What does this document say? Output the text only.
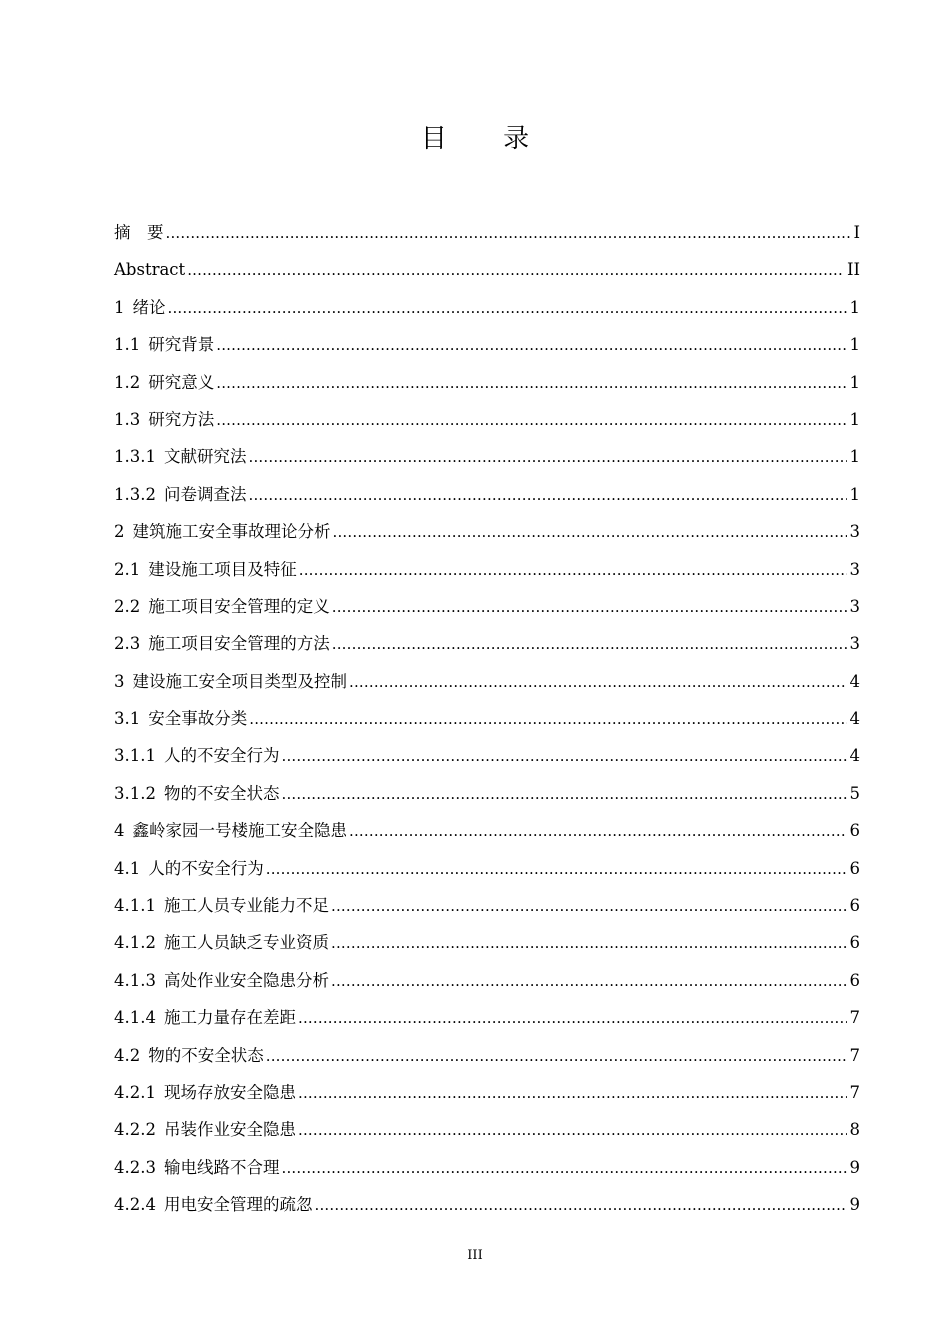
目 录
摘　要 .....	I
Abstract .....	II
1 绪论 .....	1
1.1 研究背景 .....	1
1.2 研究意义 .....	1
1.3 研究方法 .....	1
1.3.1 文献研究法 .....	1
1.3.2 问卷调查法 .....	1
2 建筑施工安全事故理论分析 .....	3
2.1 建设施工项目及特征 .....	3
2.2 施工项目安全管理的定义 .....	3
2.3 施工项目安全管理的方法 .....	3
3 建设施工安全项目类型及控制 .....	4
3.1 安全事故分类 .....	4
3.1.1 人的不安全行为 .....	4
3.1.2 物的不安全状态 .....	5
4 鑫岭家园一号楼施工安全隐患 .....	6
4.1 人的不安全行为 .....	6
4.1.1 施工人员专业能力不足 .....	6
4.1.2 施工人员缺乏专业资质 .....	6
4.1.3 高处作业安全隐患分析 .....	6
4.1.4 施工力量存在差距 .....	7
4.2 物的不安全状态 .....	7
4.2.1 现场存放安全隐患 .....	7
4.2.2 吊装作业安全隐患 .....	8
4.2.3 输电线路不合理 .....	9
4.2.4 用电安全管理的疏忽 .....	9
III
